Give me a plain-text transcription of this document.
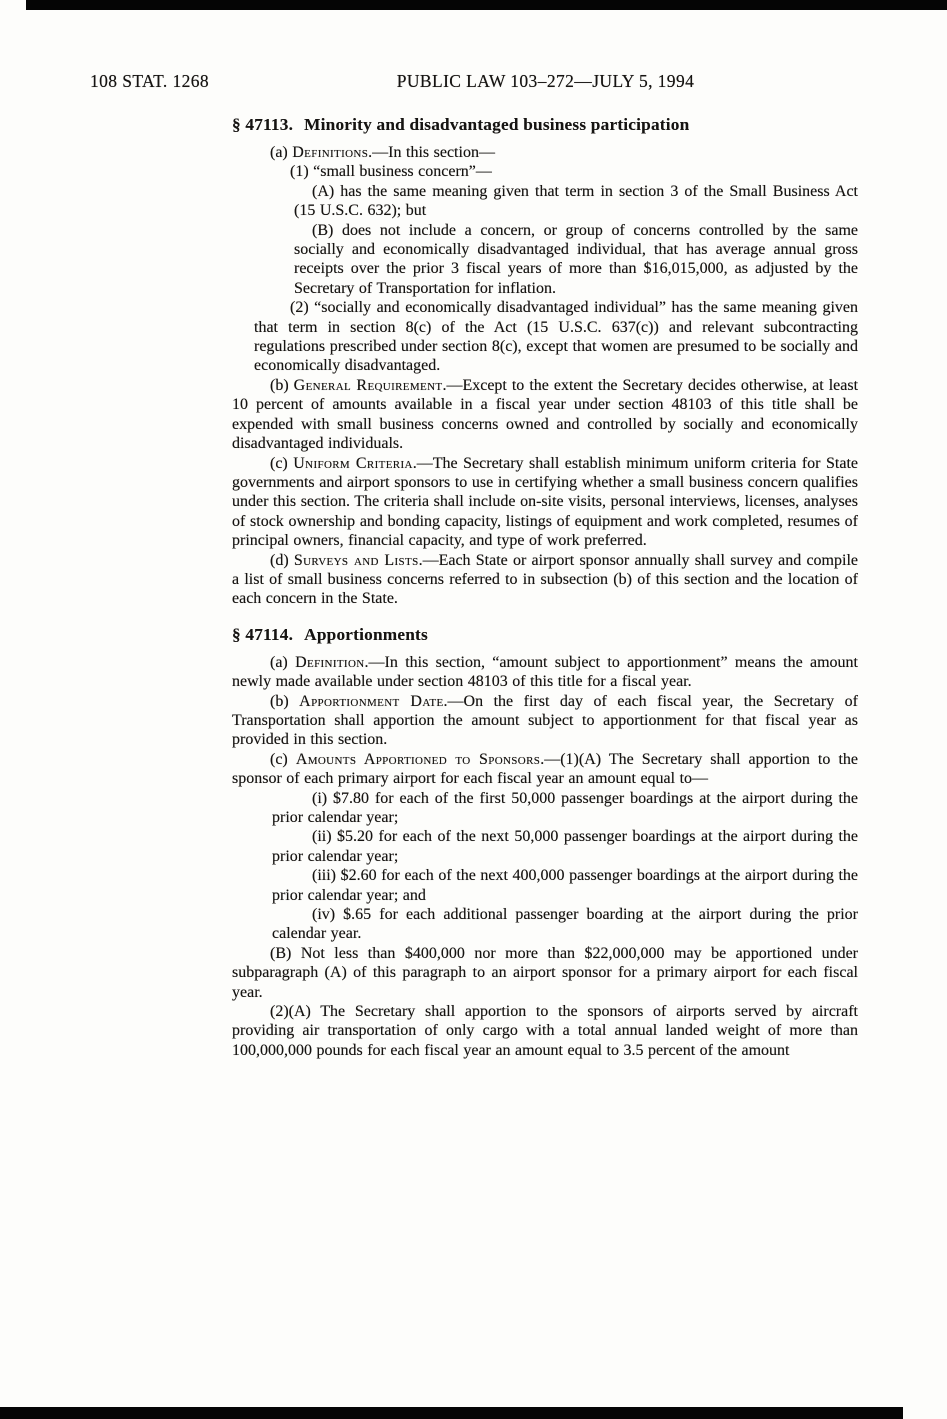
108 STAT. 1268	PUBLIC LAW 103–272—JULY 5, 1994
§ 47113. Minority and disadvantaged business participation

(a) Definitions.—In this section—

(1) “small business concern”—

(A) has the same meaning given that term in section 3 of the Small Business Act (15 U.S.C. 632); but

(B) does not include a concern, or group of concerns controlled by the same socially and economically disadvantaged individual, that has average annual gross receipts over the prior 3 fiscal years of more than $16,015,000, as adjusted by the Secretary of Transportation for inflation.

(2) “socially and economically disadvantaged individual” has the same meaning given that term in section 8(c) of the Act (15 U.S.C. 637(c)) and relevant subcontracting regulations prescribed under section 8(c), except that women are presumed to be socially and economically disadvantaged.

(b) General Requirement.—Except to the extent the Secretary decides otherwise, at least 10 percent of amounts available in a fiscal year under section 48103 of this title shall be expended with small business concerns owned and controlled by socially and economically disadvantaged individuals.

(c) Uniform Criteria.—The Secretary shall establish minimum uniform criteria for State governments and airport sponsors to use in certifying whether a small business concern qualifies under this section. The criteria shall include on-site visits, personal interviews, licenses, analyses of stock ownership and bonding capacity, listings of equipment and work completed, resumes of principal owners, financial capacity, and type of work preferred.

(d) Surveys and Lists.—Each State or airport sponsor annually shall survey and compile a list of small business concerns referred to in subsection (b) of this section and the location of each concern in the State.

§ 47114. Apportionments

(a) Definition.—In this section, “amount subject to apportionment” means the amount newly made available under section 48103 of this title for a fiscal year.

(b) Apportionment Date.—On the first day of each fiscal year, the Secretary of Transportation shall apportion the amount subject to apportionment for that fiscal year as provided in this section.

(c) Amounts Apportioned to Sponsors.—(1)(A) The Secretary shall apportion to the sponsor of each primary airport for each fiscal year an amount equal to—

(i) $7.80 for each of the first 50,000 passenger boardings at the airport during the prior calendar year;

(ii) $5.20 for each of the next 50,000 passenger boardings at the airport during the prior calendar year;

(iii) $2.60 for each of the next 400,000 passenger boardings at the airport during the prior calendar year; and

(iv) $.65 for each additional passenger boarding at the airport during the prior calendar year.

(B) Not less than $400,000 nor more than $22,000,000 may be apportioned under subparagraph (A) of this paragraph to an airport sponsor for a primary airport for each fiscal year.

(2)(A) The Secretary shall apportion to the sponsors of airports served by aircraft providing air transportation of only cargo with a total annual landed weight of more than 100,000,000 pounds for each fiscal year an amount equal to 3.5 percent of the amount
